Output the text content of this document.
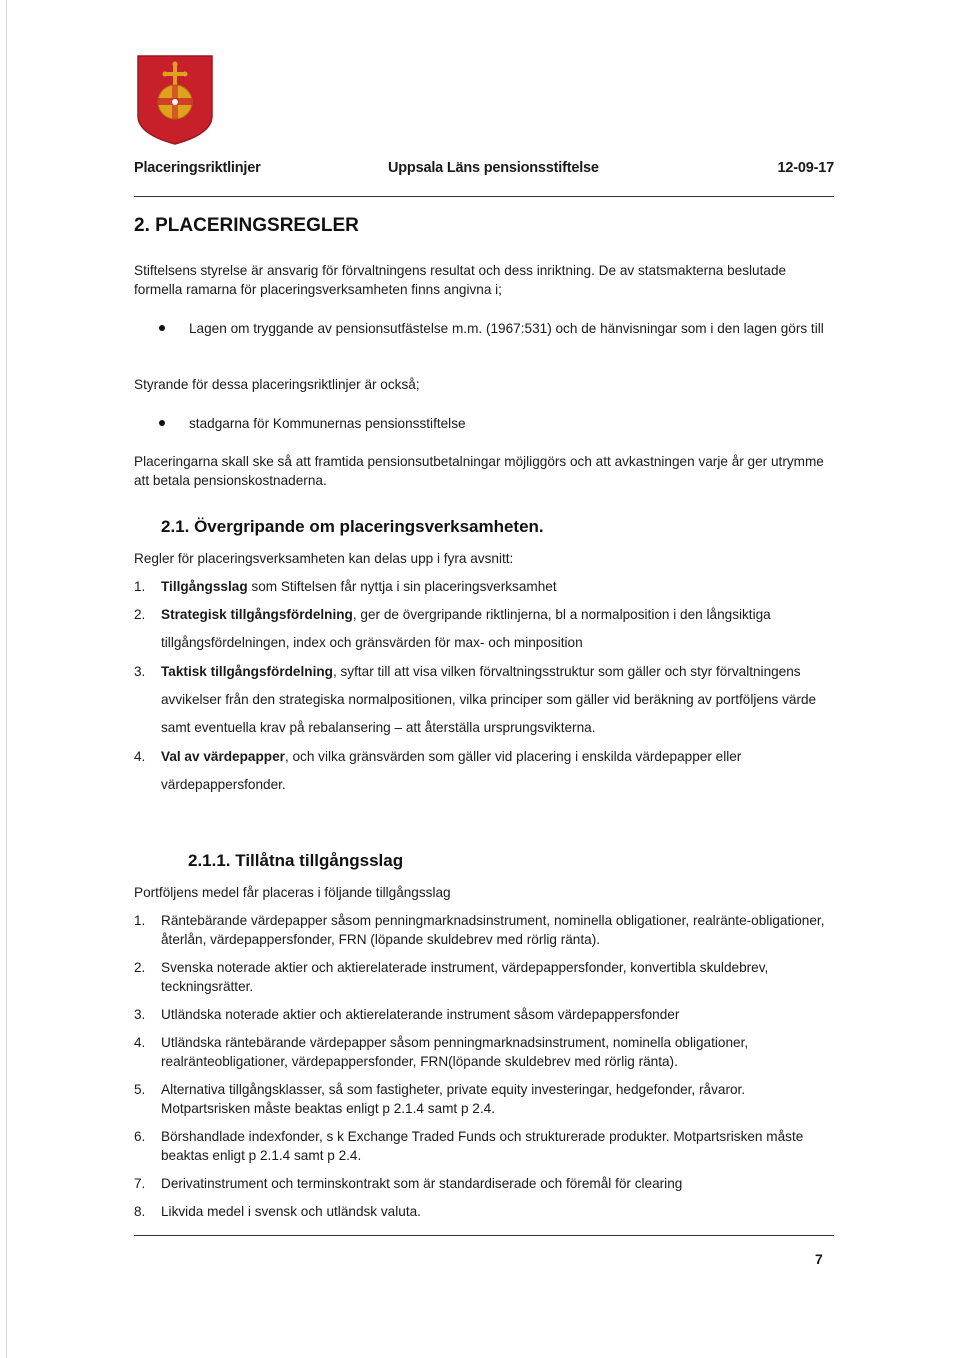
Placeringsriktlinjer	Uppsala Läns pensionsstiftelse	12-09-17
2. PLACERINGSREGLER
Stiftelsens styrelse är ansvarig för förvaltningens resultat och dess inriktning. De av statsmakterna beslutade formella ramarna för placeringsverksamheten finns angivna i;
Lagen om tryggande av pensionsutfästelse m.m. (1967:531) och de hänvisningar som i den lagen görs till
Styrande för dessa placeringsriktlinjer är också;
stadgarna för Kommunernas pensionsstiftelse
Placeringarna skall ske så att framtida pensionsutbetalningar möjliggörs och att avkastningen varje år ger utrymme att betala pensionskostnaderna.
2.1. Övergripande om placeringsverksamheten.
Regler för placeringsverksamheten kan delas upp i fyra avsnitt:
1. Tillgångsslag som Stiftelsen får nyttja i sin placeringsverksamhet
2. Strategisk tillgångsfördelning, ger de övergripande riktlinjerna, bl a normalposition i den långsiktiga tillgångsfördelningen, index och gränsvärden för max- och minposition
3. Taktisk tillgångsfördelning, syftar till att visa vilken förvaltningsstruktur som gäller och styr förvaltningens avvikelser från den strategiska normalpositionen, vilka principer som gäller vid beräkning av portföljens värde samt eventuella krav på rebalansering – att återställa ursprungsvikterna.
4. Val av värdepapper, och vilka gränsvärden som gäller vid placering i enskilda värdepapper eller värdepappersfonder.
2.1.1. Tillåtna tillgångsslag
Portföljens medel får placeras i följande tillgångsslag
1. Räntebärande värdepapper såsom penningmarknadsinstrument, nominella obligationer, realränte-obligationer, återlån, värdepappersfonder, FRN (löpande skuldebrev med rörlig ränta).
2. Svenska noterade aktier och aktierelaterade instrument, värdepappersfonder, konvertibla skuldebrev, teckningsrätter.
3. Utländska noterade aktier och aktierelaterande instrument såsom värdepappersfonder
4. Utländska räntebärande värdepapper såsom penningmarknadsinstrument, nominella obligationer, realränteobligationer, värdepappersfonder, FRN(löpande skuldebrev med rörlig ränta).
5. Alternativa tillgångsklasser, så som fastigheter, private equity investeringar, hedgefonder, råvaror. Motpartsrisken måste beaktas enligt p 2.1.4 samt p 2.4.
6. Börshandlade indexfonder, s k Exchange Traded Funds och strukturerade produkter. Motpartsrisken måste beaktas enligt p 2.1.4 samt p 2.4.
7. Derivatinstrument och terminskontrakt som är standardiserade och föremål för clearing
8. Likvida medel i svensk och utländsk valuta.
7
